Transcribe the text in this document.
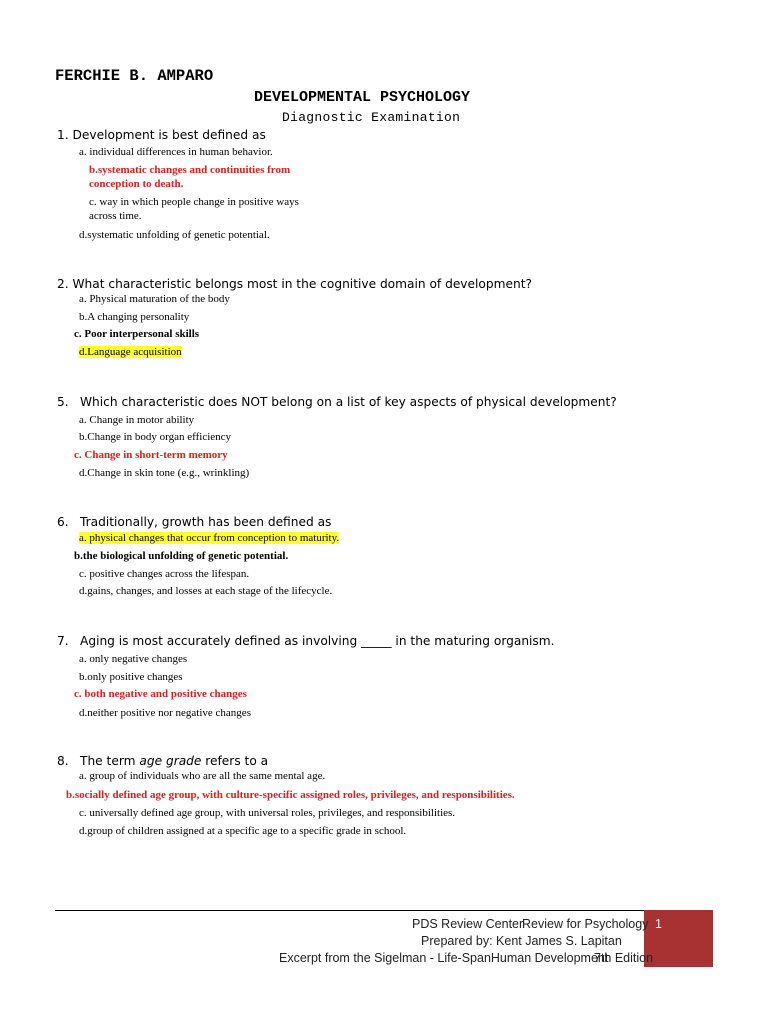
FERCHIE B. AMPARO
DEVELOPMENTAL PSYCHOLOGY
Diagnostic Examination
1. Development is best defined as
a. individual differences in human behavior.
b.systematic changes and continuities from
conception to death.
c. way in which people change in positive ways
across time.
d.systematic unfolding of genetic potential.
2. What characteristic belongs most in the cognitive domain of development?
a. Physical maturation of the body
b.A changing personality
c. Poor interpersonal skills
d.Language acquisition
5. Which characteristic does NOT belong on a list of key aspects of physical development?
a. Change in motor ability
b.Change in body organ efficiency
c. Change in short-term memory
d.Change in skin tone (e.g., wrinkling)
6. Traditionally, growth has been defined as
a. physical changes that occur from conception to maturity.
b.the biological unfolding of genetic potential.
c. positive changes across the lifespan.
d.gains, changes, and losses at each stage of the lifecycle.
7. Aging is most accurately defined as involving _____ in the maturing organism.
a. only negative changes
b.only positive changes
c. both negative and positive changes
d.neither positive nor negative changes
8. The term age grade refers to a
a. group of individuals who are all the same mental age.
b.socially defined age group, with culture-specific assigned roles, privileges, and responsibilities.
c. universally defined age group, with universal roles, privileges, and responsibilities.
d.group of children assigned at a specific age to a specific grade in school.
PDS Review Center
Review for Psychology 1
Prepared by: Kent James S. Lapitan
Excerpt from the Sigelman - Life-SpanHuman Development
7th Edition
